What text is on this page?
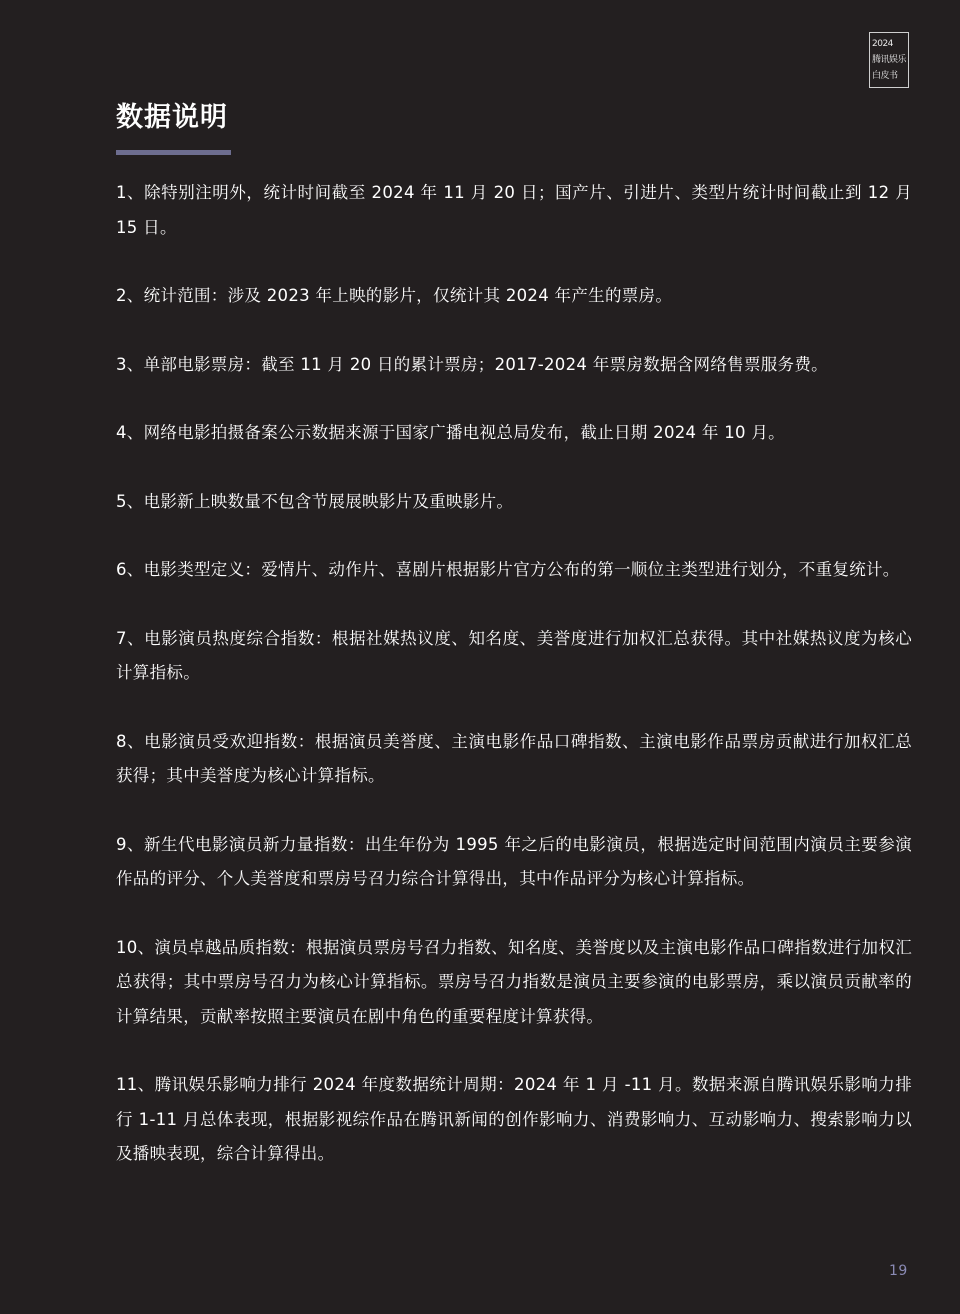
2024
腾讯娱乐
白皮书
数据说明
1、除特别注明外，统计时间截至 2024 年 11 月 20 日；国产片、引进片、类型片统计时间截止到 12 月 15 日。
2、统计范围：涉及 2023 年上映的影片，仅统计其 2024 年产生的票房。
3、单部电影票房：截至 11 月 20 日的累计票房；2017-2024 年票房数据含网络售票服务费。
4、网络电影拍摄备案公示数据来源于国家广播电视总局发布，截止日期 2024 年 10 月。
5、电影新上映数量不包含节展展映影片及重映影片。
6、电影类型定义：爱情片、动作片、喜剧片根据影片官方公布的第一顺位主类型进行划分，不重复统计。
7、电影演员热度综合指数：根据社媒热议度、知名度、美誉度进行加权汇总获得。其中社媒热议度为核心计算指标。
8、电影演员受欢迎指数：根据演员美誉度、主演电影作品口碑指数、主演电影作品票房贡献进行加权汇总获得；其中美誉度为核心计算指标。
9、新生代电影演员新力量指数：出生年份为 1995 年之后的电影演员，根据选定时间范围内演员主要参演作品的评分、个人美誉度和票房号召力综合计算得出，其中作品评分为核心计算指标。
10、演员卓越品质指数：根据演员票房号召力指数、知名度、美誉度以及主演电影作品口碑指数进行加权汇总获得；其中票房号召力为核心计算指标。票房号召力指数是演员主要参演的电影票房，乘以演员贡献率的计算结果，贡献率按照主要演员在剧中角色的重要程度计算获得。
11、腾讯娱乐影响力排行 2024 年度数据统计周期：2024 年 1 月 -11 月。数据来源自腾讯娱乐影响力排行 1-11 月总体表现，根据影视综作品在腾讯新闻的创作影响力、消费影响力、互动影响力、搜索影响力以及播映表现，综合计算得出。
19
